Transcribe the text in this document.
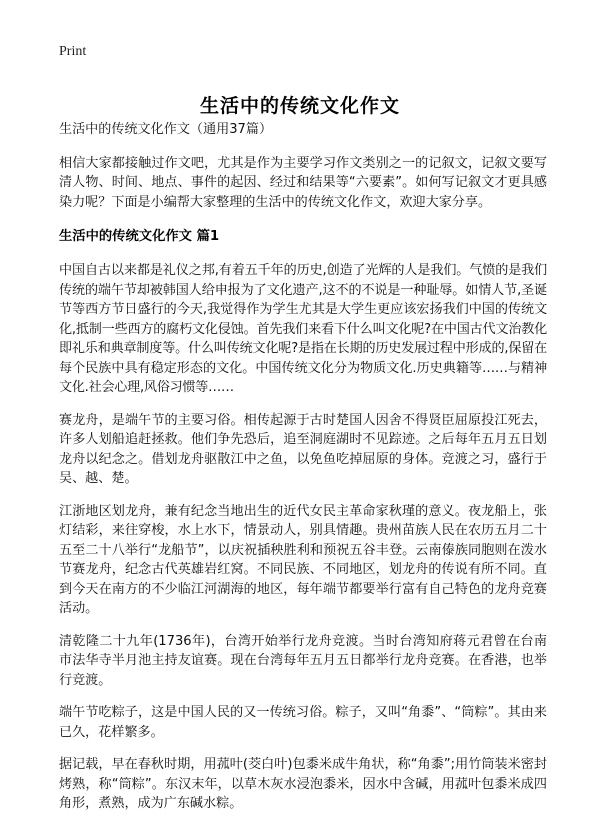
Print
生活中的传统文化作文

生活中的传统文化作文（通用37篇）

相信大家都接触过作文吧，尤其是作为主要学习作文类别之一的记叙文，记叙文要写清人物、时间、地点、事件的起因、经过和结果等“六要素”。如何写记叙文才更具感染力呢？下面是小编帮大家整理的生活中的传统文化作文，欢迎大家分享。

生活中的传统文化作文 篇1

中国自古以来都是礼仪之邦,有着五千年的历史,创造了光辉的人是我们。气愤的是我们传统的端午节却被韩国人给申报为了文化遗产,这不的不说是一种耻辱。如情人节,圣诞节等西方节日盛行的今天,我觉得作为学生尤其是大学生更应该宏扬我们中国的传统文化,抵制一些西方的腐朽文化侵蚀。首先我们来看下什么叫文化呢?在中国古代文治教化即礼乐和典章制度等。什么叫传统文化呢?是指在长期的历史发展过程中形成的,保留在每个民族中具有稳定形态的文化。中国传统文化分为物质文化.历史典籍等……与精神文化.社会心理,风俗习惯等……

赛龙舟，是端午节的主要习俗。相传起源于古时楚国人因舍不得贤臣屈原投江死去，许多人划船追赶拯救。他们争先恐后，追至洞庭湖时不见踪迹。之后每年五月五日划龙舟以纪念之。借划龙舟驱散江中之鱼，以免鱼吃掉屈原的身体。竞渡之习，盛行于吴、越、楚。

江浙地区划龙舟，兼有纪念当地出生的近代女民主革命家秋瑾的意义。夜龙船上，张灯结彩，来往穿梭，水上水下，情景动人，别具情趣。贵州苗族人民在农历五月二十五至二十八举行“龙船节”，以庆祝插秧胜利和预祝五谷丰登。云南傣族同胞则在泼水节赛龙舟，纪念古代英雄岩红窝。不同民族、不同地区，划龙舟的传说有所不同。直到今天在南方的不少临江河湖海的地区，每年端节都要举行富有自己特色的龙舟竞赛活动。

清乾隆二十九年(1736年)，台湾开始举行龙舟竞渡。当时台湾知府蒋元君曾在台南市法华寺半月池主持友谊赛。现在台湾每年五月五日都举行龙舟竞赛。在香港，也举行竞渡。

端午节吃粽子，这是中国人民的又一传统习俗。粽子，又叫“角黍”、“筒粽”。其由来已久，花样繁多。

据记载，早在春秋时期，用菰叶(茭白叶)包黍米成牛角状，称“角黍”;用竹筒装米密封烤熟，称“筒粽”。东汉末年，以草木灰水浸泡黍米，因水中含碱，用菰叶包黍米成四角形，煮熟，成为广东碱水粽。
